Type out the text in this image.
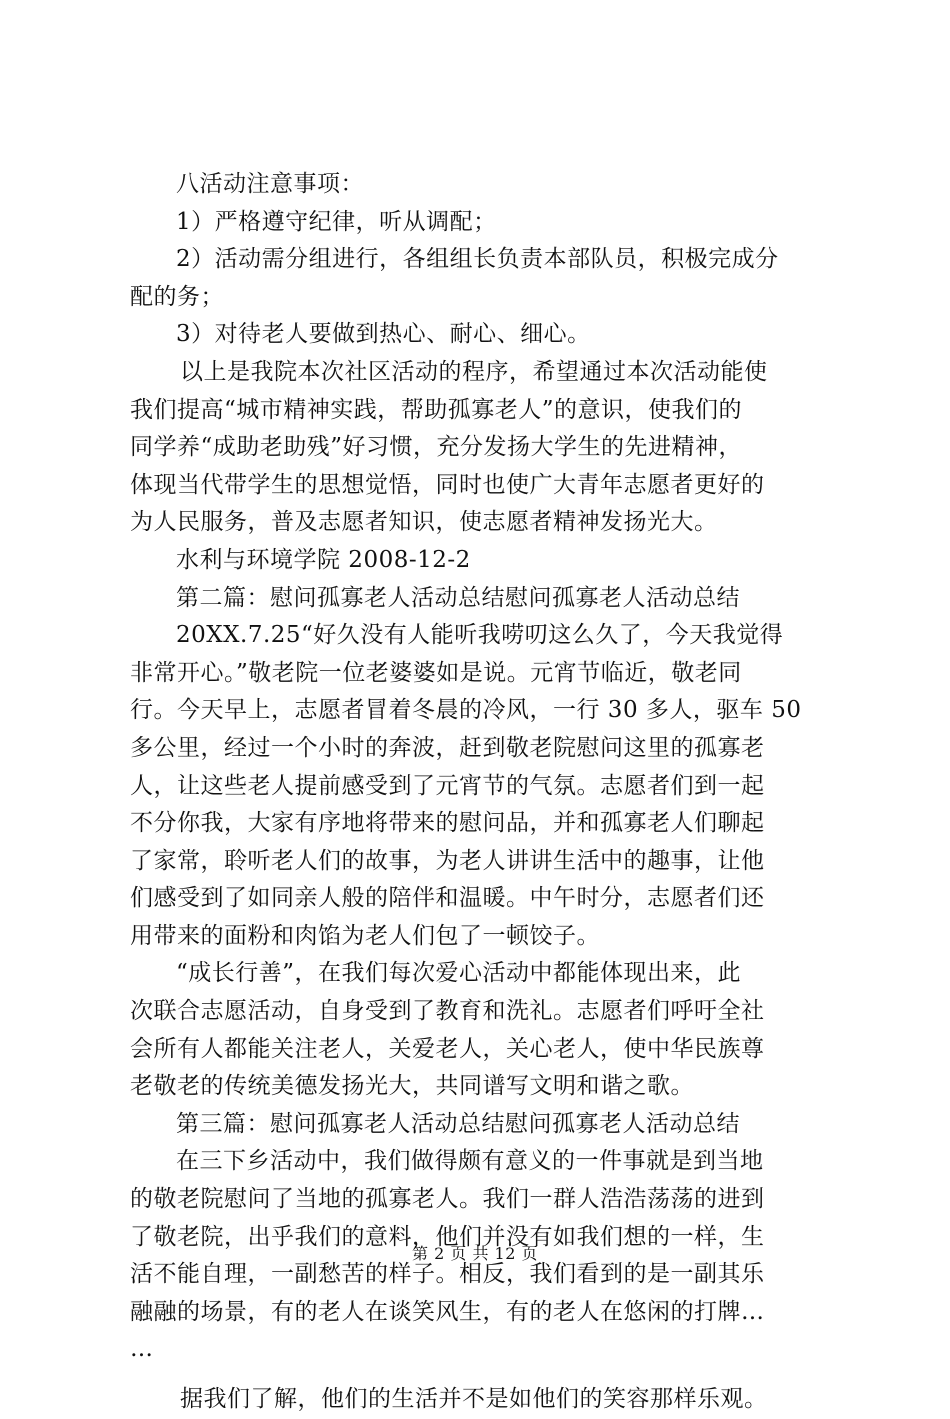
八活动注意事项：
1）严格遵守纪律，听从调配；
2）活动需分组进行，各组组长负责本部队员，积极完成分
配的务；
3）对待老人要做到热心、耐心、细心。
以上是我院本次社区活动的程序，希望通过本次活动能使
我们提高“城市精神实践，帮助孤寡老人”的意识，使我们的
同学养“成助老助残”好习惯，充分发扬大学生的先进精神，
体现当代带学生的思想觉悟，同时也使广大青年志愿者更好的
为人民服务，普及志愿者知识，使志愿者精神发扬光大。
水利与环境学院 2008-12-2
第二篇：慰问孤寡老人活动总结慰问孤寡老人活动总结
20XX.7.25“好久没有人能听我唠叨这么久了，今天我觉得
非常开心。”敬老院一位老婆婆如是说。元宵节临近，敬老同
行。今天早上，志愿者冒着冬晨的冷风，一行 30 多人，驱车 50
多公里，经过一个小时的奔波，赶到敬老院慰问这里的孤寡老
人，让这些老人提前感受到了元宵节的气氛。志愿者们到一起
不分你我，大家有序地将带来的慰问品，并和孤寡老人们聊起
了家常，聆听老人们的故事，为老人讲讲生活中的趣事，让他
们感受到了如同亲人般的陪伴和温暖。中午时分，志愿者们还
用带来的面粉和肉馅为老人们包了一顿饺子。
“成长行善”，在我们每次爱心活动中都能体现出来，此
次联合志愿活动，自身受到了教育和洗礼。志愿者们呼吁全社
会所有人都能关注老人，关爱老人，关心老人，使中华民族尊
老敬老的传统美德发扬光大，共同谱写文明和谐之歌。
第三篇：慰问孤寡老人活动总结慰问孤寡老人活动总结
在三下乡活动中，我们做得颇有意义的一件事就是到当地
的敬老院慰问了当地的孤寡老人。我们一群人浩浩荡荡的进到
了敬老院，出乎我们的意料，他们并没有如我们想的一样，生
活不能自理，一副愁苦的样子。相反，我们看到的是一副其乐
融融的场景，有的老人在谈笑风生，有的老人在悠闲的打牌…
…
据我们了解，他们的生活并不是如他们的笑容那样乐观。
第 2 页 共 12 页
